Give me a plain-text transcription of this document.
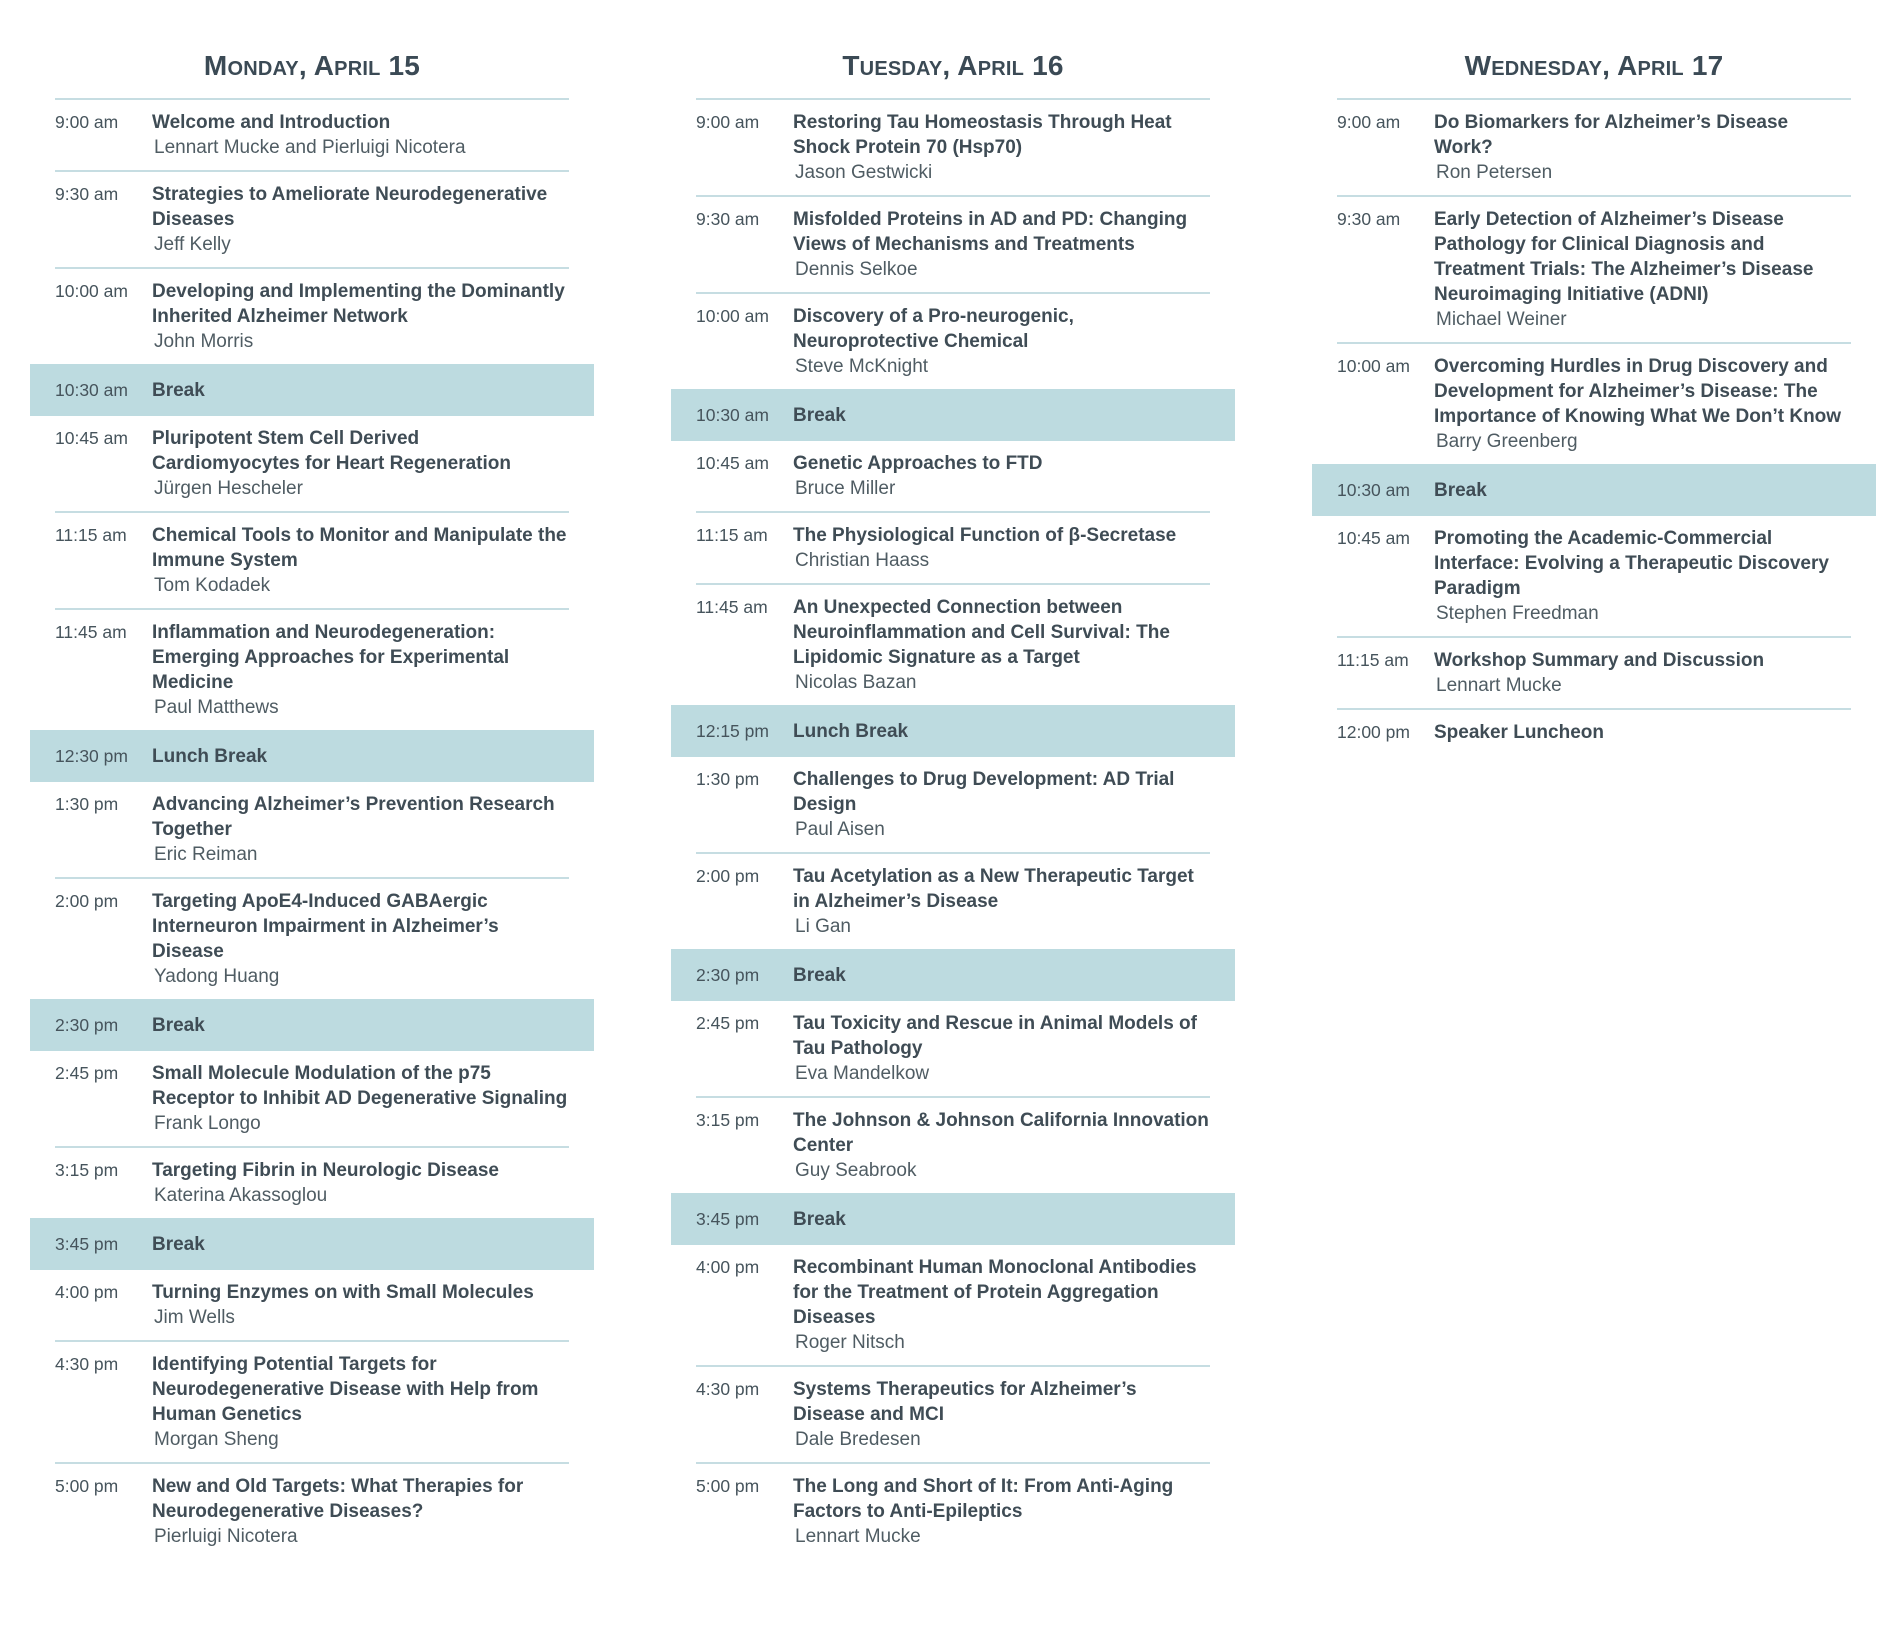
Monday, April 15
9:00 am	Welcome and Introduction
Lennart Mucke and Pierluigi Nicotera
9:30 am	Strategies to Ameliorate Neurodegenerative Diseases
Jeff Kelly
10:00 am	Developing and Implementing the Dominantly Inherited Alzheimer Network
John Morris
10:30 am	Break
10:45 am	Pluripotent Stem Cell Derived Cardiomyocytes for Heart Regeneration
Jürgen Hescheler
11:15 am	Chemical Tools to Monitor and Manipulate the Immune System
Tom Kodadek
11:45 am	Inflammation and Neurodegeneration: Emerging Approaches for Experimental Medicine
Paul Matthews
12:30 pm	Lunch Break
1:30 pm	Advancing Alzheimer’s Prevention Research Together
Eric Reiman
2:00 pm	Targeting ApoE4-Induced GABAergic Interneuron Impairment in Alzheimer’s Disease
Yadong Huang
2:30 pm	Break
2:45 pm	Small Molecule Modulation of the p75 Receptor to Inhibit AD Degenerative Signaling
Frank Longo
3:15 pm	Targeting Fibrin in Neurologic Disease
Katerina Akassoglou
3:45 pm	Break
4:00 pm	Turning Enzymes on with Small Molecules
Jim Wells
4:30 pm	Identifying Potential Targets for Neurodegenerative Disease with Help from Human Genetics
Morgan Sheng
5:00 pm	New and Old Targets: What Therapies for Neurodegenerative Diseases?
Pierluigi Nicotera
Tuesday, April 16
9:00 am	Restoring Tau Homeostasis Through Heat Shock Protein 70 (Hsp70)
Jason Gestwicki
9:30 am	Misfolded Proteins in AD and PD: Changing Views of Mechanisms and Treatments
Dennis Selkoe
10:00 am	Discovery of a Pro-neurogenic, Neuroprotective Chemical
Steve McKnight
10:30 am	Break
10:45 am	Genetic Approaches to FTD
Bruce Miller
11:15 am	The Physiological Function of β-Secretase
Christian Haass
11:45 am	An Unexpected Connection between Neuroinflammation and Cell Survival: The Lipidomic Signature as a Target
Nicolas Bazan
12:15 pm	Lunch Break
1:30 pm	Challenges to Drug Development: AD Trial Design
Paul Aisen
2:00 pm	Tau Acetylation as a New Therapeutic Target in Alzheimer’s Disease
Li Gan
2:30 pm	Break
2:45 pm	Tau Toxicity and Rescue in Animal Models of Tau Pathology
Eva Mandelkow
3:15 pm	The Johnson & Johnson California Innovation Center
Guy Seabrook
3:45 pm	Break
4:00 pm	Recombinant Human Monoclonal Antibodies for the Treatment of Protein Aggregation Diseases
Roger Nitsch
4:30 pm	Systems Therapeutics for Alzheimer’s Disease and MCI
Dale Bredesen
5:00 pm	The Long and Short of It: From Anti-Aging Factors to Anti-Epileptics
Lennart Mucke
Wednesday, April 17
9:00 am	Do Biomarkers for Alzheimer’s Disease Work?
Ron Petersen
9:30 am	Early Detection of Alzheimer’s Disease Pathology for Clinical Diagnosis and Treatment Trials: The Alzheimer’s Disease Neuroimaging Initiative (ADNI)
Michael Weiner
10:00 am	Overcoming Hurdles in Drug Discovery and Development for Alzheimer’s Disease: The Importance of Knowing What We Don’t Know
Barry Greenberg
10:30 am	Break
10:45 am	Promoting the Academic-Commercial Interface: Evolving a Therapeutic Discovery Paradigm
Stephen Freedman
11:15 am	Workshop Summary and Discussion
Lennart Mucke
12:00 pm	Speaker Luncheon
